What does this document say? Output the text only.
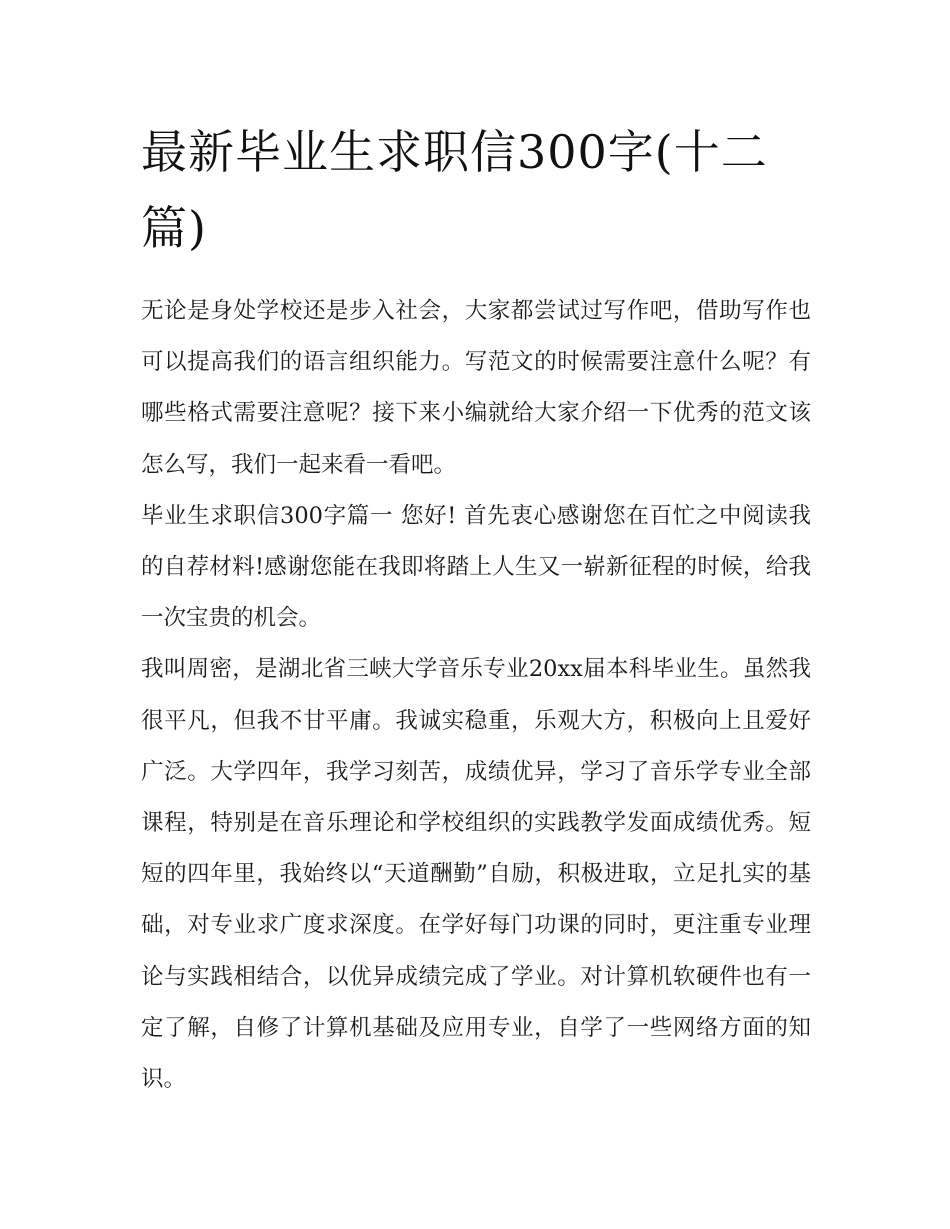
最新毕业生求职信300字(十二篇)

无论是身处学校还是步入社会，大家都尝试过写作吧，借助写作也可以提高我们的语言组织能力。写范文的时候需要注意什么呢？有哪些格式需要注意呢？接下来小编就给大家介绍一下优秀的范文该怎么写，我们一起来看一看吧。

毕业生求职信300字篇一 您好! 首先衷心感谢您在百忙之中阅读我的自荐材料!感谢您能在我即将踏上人生又一崭新征程的时候，给我一次宝贵的机会。

我叫周密，是湖北省三峡大学音乐专业20xx届本科毕业生。虽然我很平凡，但我不甘平庸。我诚实稳重，乐观大方，积极向上且爱好广泛。大学四年，我学习刻苦，成绩优异，学习了音乐学专业全部课程，特别是在音乐理论和学校组织的实践教学发面成绩优秀。短短的四年里，我始终以“天道酬勤”自励，积极进取，立足扎实的基础，对专业求广度求深度。在学好每门功课的同时，更注重专业理论与实践相结合，以优异成绩完成了学业。对计算机软硬件也有一定了解，自修了计算机基础及应用专业，自学了一些网络方面的知识。
